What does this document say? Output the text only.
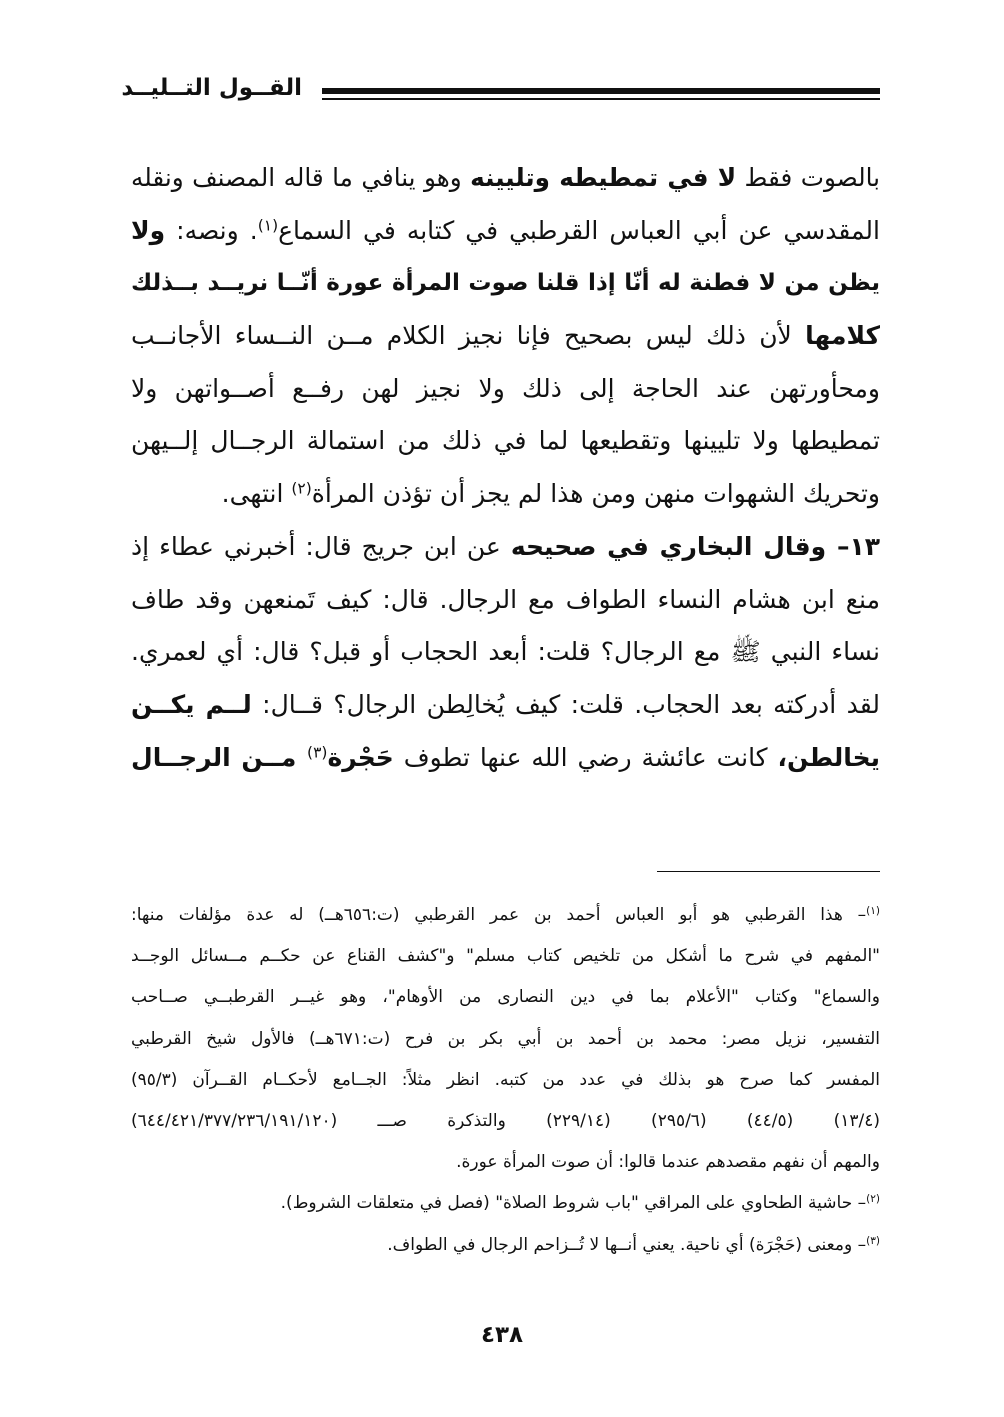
القــول التــليــد
بالصوت فقط لا في تمطيطه وتليينه وهو ينافي ما قاله المصنف ونقله
المقدسي عن أبي العباس القرطبي في كتابه في السماع$^{(١)}$. ونصه: ولا
يظن من لا فطنة له أنّا إذا قلنا صوت المرأة عورة أنّــا نريــد بــذلك
كلامها لأن ذلك ليس بصحيح فإنا نجيز الكلام مــن النــساء الأجانــب
ومحأورتهن عند الحاجة إلى ذلك ولا نجيز لهن رفــع أصــواتهن ولا
تمطيطها ولا تليينها وتقطيعها لما في ذلك من استمالة الرجــال إلــيهن
وتحريك الشهوات منهن ومن هذا لم يجز أن تؤذن المرأة$^{(٢)}$ انتهى.
١٣– وقال البخاري في صحيحه عن ابن جريج قال: أخبرني عطاء إذ
منع ابن هشام النساء الطواف مع الرجال. قال: كيف تَمنعهن وقد طاف
نساء النبي ﷺ مع الرجال؟ قلت: أبعد الحجاب أو قبل؟ قال: أي لعمري.
لقد أدركته بعد الحجاب. قلت: كيف يُخالِطن الرجال؟ قــال: لــم يكــن
يخالطن، كانت عائشة رضي الله عنها تطوف حَجْرة$^{(٣)}$ مــن الرجــال
$^{(١)}$– هذا القرطبي هو أبو العباس أحمد بن عمر القرطبي (ت:٦٥٦هــ) له عدة مؤلفات منها:
"المفهم في شرح ما أشكل من تلخيص كتاب مسلم" و"كشف القناع عن حكــم مــسائل الوجــد
والسماع" وكتاب "الأعلام بما في دين النصارى من الأوهام"، وهو غيــر القرطبــي صــاحب
التفسير، نزيل مصر: محمد بن أحمد بن أبي بكر بن فرح (ت:٦٧١هــ) فالأول شيخ القرطبي
المفسر كما صرح هو بذلك في عدد من كتبه. انظر مثلاً: الجــامع لأحكــام القــرآن (٩٥/٣)
(١٣/٤) (٤٤/٥) (٢٩٥/٦) (٢٢٩/١٤) والتذكرة صـــ (٦٤٤/٤٢١/٣٧٧/٢٣٦/١٩١/١٢٠)
والمهم أن نفهم مقصدهم عندما قالوا: أن صوت المرأة عورة.
$^{(٢)}$– حاشية الطحاوي على المراقي "باب شروط الصلاة" (فصل في متعلقات الشروط).
$^{(٣)}$– ومعنى (حَجْرَة) أي ناحية. يعني أنــها لا تُــزاحم الرجال في الطواف.
٤٣٨
